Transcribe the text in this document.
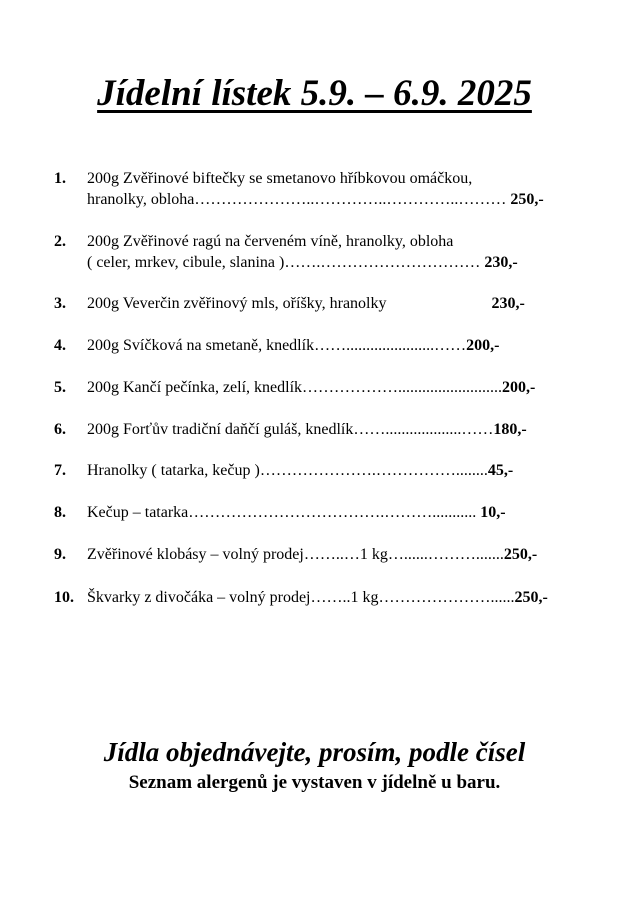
Jídelní lístek 5.9. – 6.9. 2025
1. 200g Zvěřinové biftečky se smetanovo hříbkovou omáčkou,
hranolky, obloha…………………..…………..…………..……… 250,-
2. 200g Zvěřinové ragú na červeném víně, hranolky, obloha
( celer, mrkev, cibule, slanina )…….………………………… 230,-
3. 200g Veverčin zvěřinový mls, oříšky, hranolky	230,-
4. 200g Svíčková na smetaně, knedlík……......................……200,-
5. 200g Kančí pečínka, zelí, knedlík………………..........................200,-
6. 200g Forťův tradiční daňčí guláš, knedlík……...................……180,-
7. Hranolky ( tatarka, kečup )………………….……………........45,-
8. Kečup – tatarka……………………………….………........... 10,-
9. Zvěřinové klobásy – volný prodej……..…1 kg…......……….......250,-
10. Škvarky z divočáka – volný prodej……..1 kg…………………......250,-
Jídla objednávejte, prosím, podle čísel
Seznam alergenů je vystaven v jídelně u baru.
